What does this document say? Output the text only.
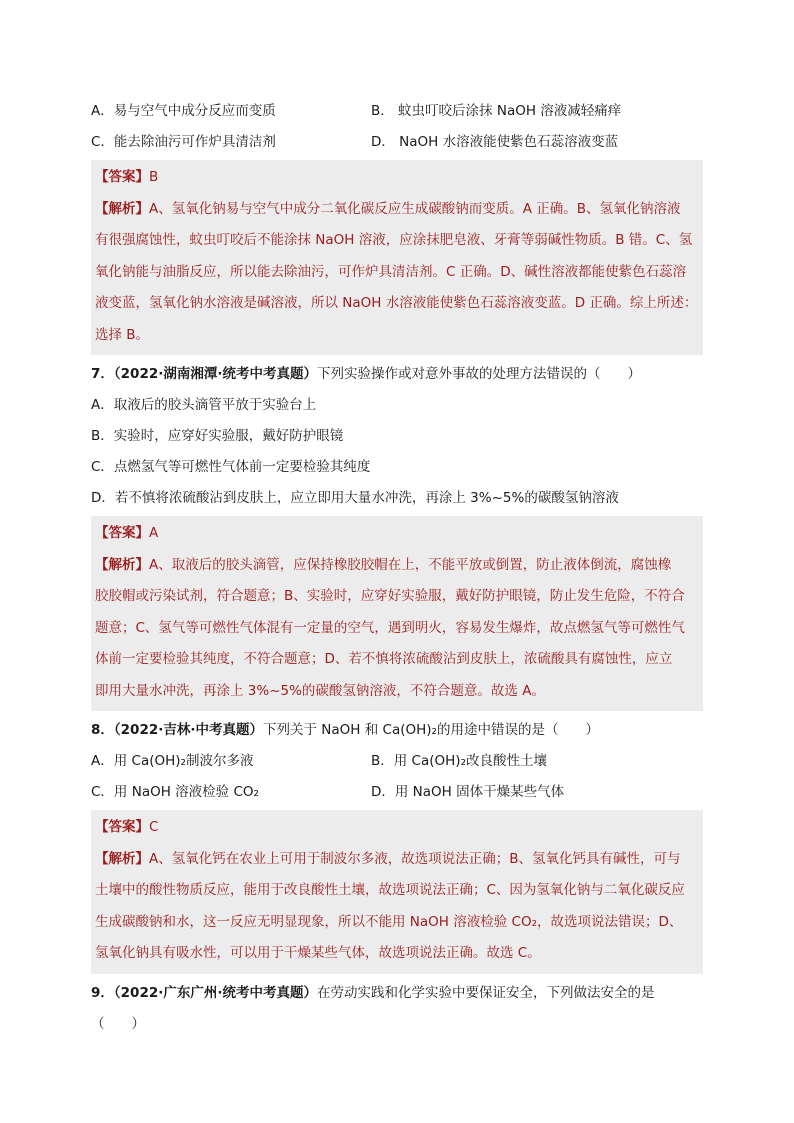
A．易与空气中成分反应而变质	B． 蚊虫叮咬后涂抹 NaOH 溶液减轻痛痒
C．能去除油污可作炉具清洁剂	D． NaOH 水溶液能使紫色石蕊溶液变蓝
【答案】B
【解析】A、氢氧化钠易与空气中成分二氧化碳反应生成碳酸钠而变质。A 正确。B、氢氧化钠溶液
有很强腐蚀性，蚊虫叮咬后不能涂抹 NaOH 溶液，应涂抹肥皂液、牙膏等弱碱性物质。B 错。C、氢
氧化钠能与油脂反应，所以能去除油污，可作炉具清洁剂。C 正确。D、碱性溶液都能使紫色石蕊溶
液变蓝，氢氧化钠水溶液是碱溶液，所以 NaOH 水溶液能使紫色石蕊溶液变蓝。D 正确。综上所述：
选择 B。
7．（2022·湖南湘潭·统考中考真题）下列实验操作或对意外事故的处理方法错误的（　　）
A．取液后的胶头滴管平放于实验台上
B．实验时，应穿好实验服，戴好防护眼镜
C．点燃氢气等可燃性气体前一定要检验其纯度
D．若不慎将浓硫酸沾到皮肤上，应立即用大量水冲洗，再涂上 3%~5%的碳酸氢钠溶液
【答案】A
【解析】A、取液后的胶头滴管，应保持橡胶胶帽在上，不能平放或倒置，防止液体倒流，腐蚀橡
胶胶帽或污染试剂，符合题意；B、实验时，应穿好实验服，戴好防护眼镜，防止发生危险，不符合
题意；C、氢气等可燃性气体混有一定量的空气，遇到明火，容易发生爆炸，故点燃氢气等可燃性气
体前一定要检验其纯度，不符合题意；D、若不慎将浓硫酸沾到皮肤上，浓硫酸具有腐蚀性，应立
即用大量水冲洗，再涂上 3%~5%的碳酸氢钠溶液，不符合题意。故选 A。
8．（2022·吉林·中考真题）下列关于 NaOH 和 Ca(OH)₂的用途中错误的是（　　）
A．用 Ca(OH)₂制波尔多液	B．用 Ca(OH)₂改良酸性土壤
C．用 NaOH 溶液检验 CO₂	D．用 NaOH 固体干燥某些气体
【答案】C
【解析】A、氢氧化钙在农业上可用于制波尔多液，故选项说法正确；B、氢氧化钙具有碱性，可与
土壤中的酸性物质反应，能用于改良酸性土壤，故选项说法正确；C、因为氢氧化钠与二氧化碳反应
生成碳酸钠和水，这一反应无明显现象，所以不能用 NaOH 溶液检验 CO₂，故选项说法错误；D、
氢氧化钠具有吸水性，可以用于干燥某些气体，故选项说法正确。故选 C。
9．（2022·广东广州·统考中考真题）在劳动实践和化学实验中要保证安全，下列做法安全的是
（　　）
